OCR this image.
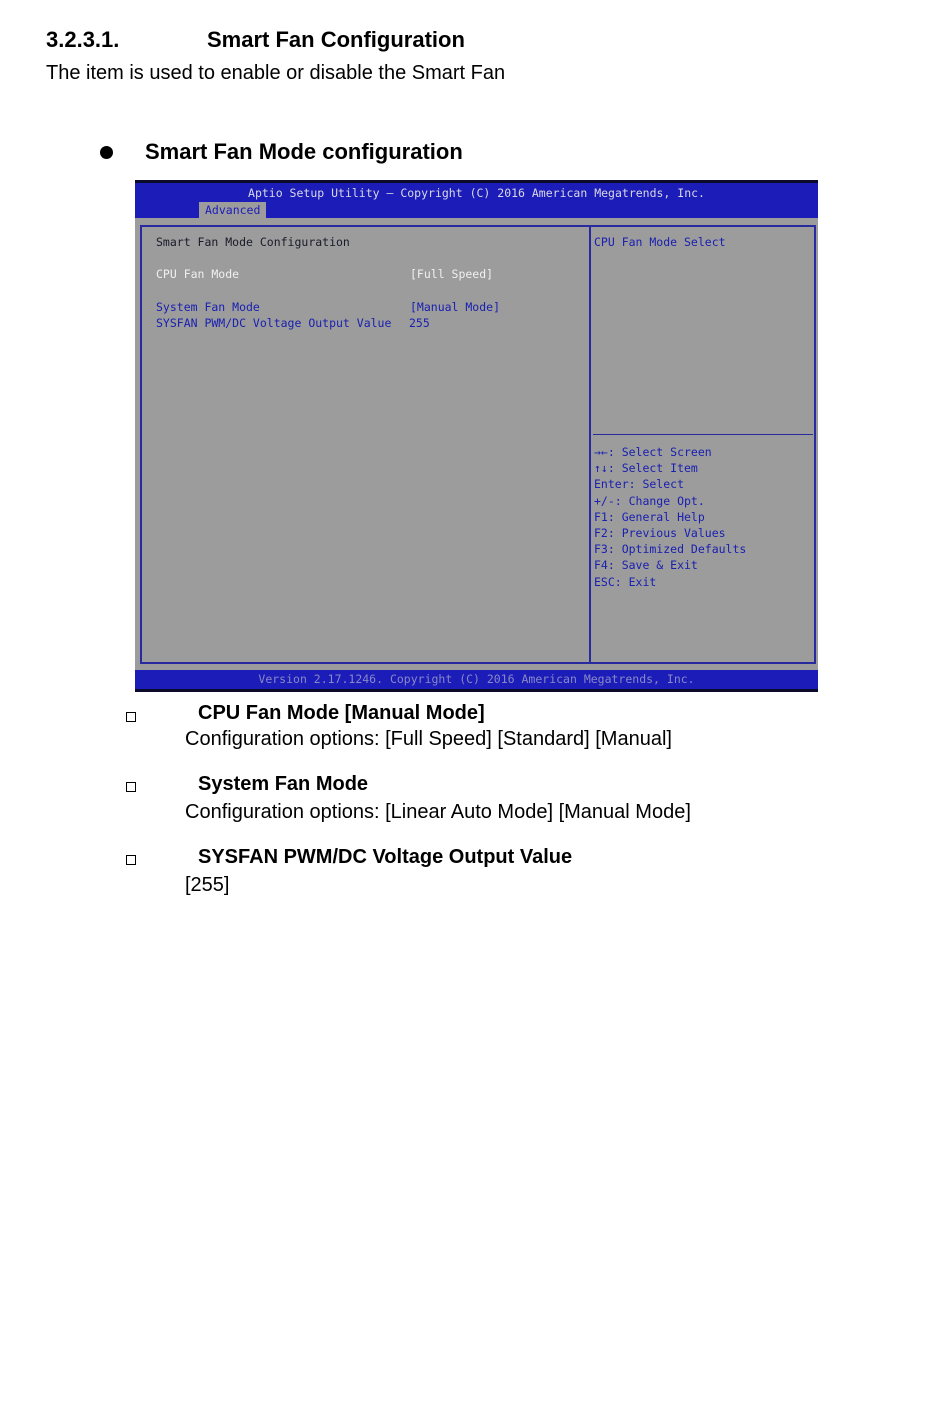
3.2.3.1.	Smart Fan Configuration
The item is used to enable or disable the Smart Fan
Smart Fan Mode configuration
Aptio Setup Utility – Copyright (C) 2016 American Megatrends, Inc.
Advanced
Smart Fan Mode Configuration
CPU Fan Mode	[Full Speed]
System Fan Mode	[Manual Mode]
SYSFAN PWM/DC Voltage Output Value 255
CPU Fan Mode Select
→←: Select Screen
↑↓: Select Item
Enter: Select
+/-: Change Opt.
F1: General Help
F2: Previous Values
F3: Optimized Defaults
F4: Save & Exit
ESC: Exit
Version 2.17.1246. Copyright (C) 2016 American Megatrends, Inc.
CPU Fan Mode [Manual Mode]
Configuration options: [Full Speed] [Standard] [Manual]
System Fan Mode
Configuration options: [Linear Auto Mode] [Manual Mode]
SYSFAN PWM/DC Voltage Output Value
[255]
